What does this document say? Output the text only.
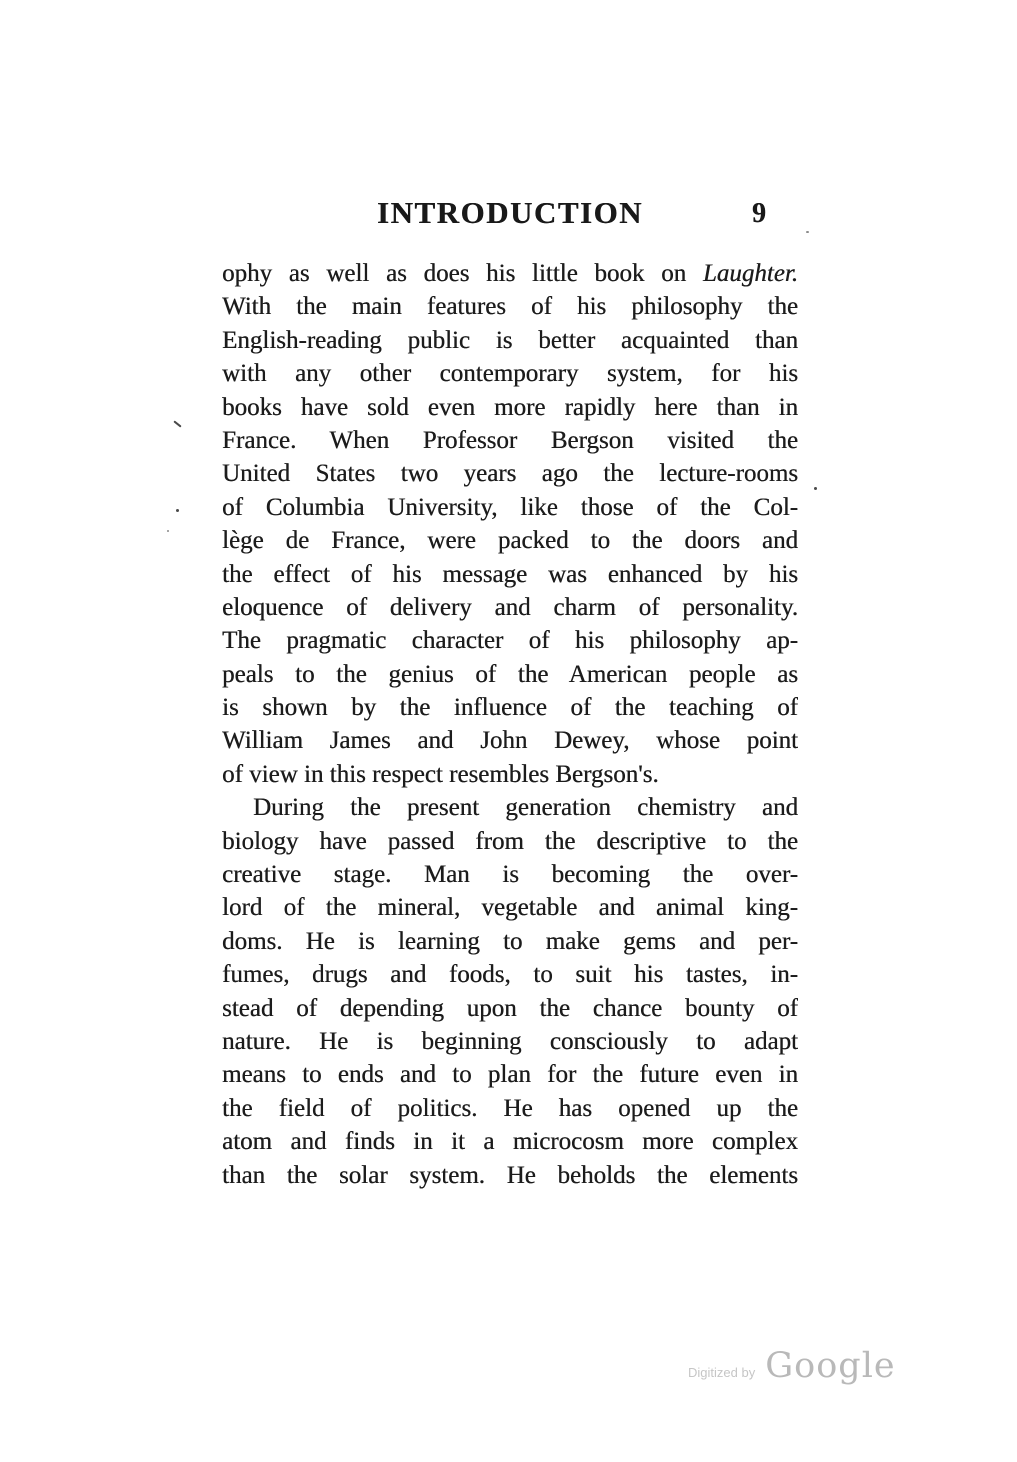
INTRODUCTION	9
ophy as well as does his little book on Laughter.
With the main features of his philosophy the
English-reading public is better acquainted than
with any other contemporary system, for his
books have sold even more rapidly here than in
France. When Professor Bergson visited the
United States two years ago the lecture-rooms
of Columbia University, like those of the Col-
lège de France, were packed to the doors and
the effect of his message was enhanced by his
eloquence of delivery and charm of personality.
The pragmatic character of his philosophy ap-
peals to the genius of the American people as
is shown by the influence of the teaching of
William James and John Dewey, whose point
of view in this respect resembles Bergson's.
During the present generation chemistry and
biology have passed from the descriptive to the
creative stage. Man is becoming the over-
lord of the mineral, vegetable and animal king-
doms. He is learning to make gems and per-
fumes, drugs and foods, to suit his tastes, in-
stead of depending upon the chance bounty of
nature. He is beginning consciously to adapt
means to ends and to plan for the future even in
the field of politics. He has opened up the
atom and finds in it a microcosm more complex
than the solar system. He beholds the elements
Digitized by Google
